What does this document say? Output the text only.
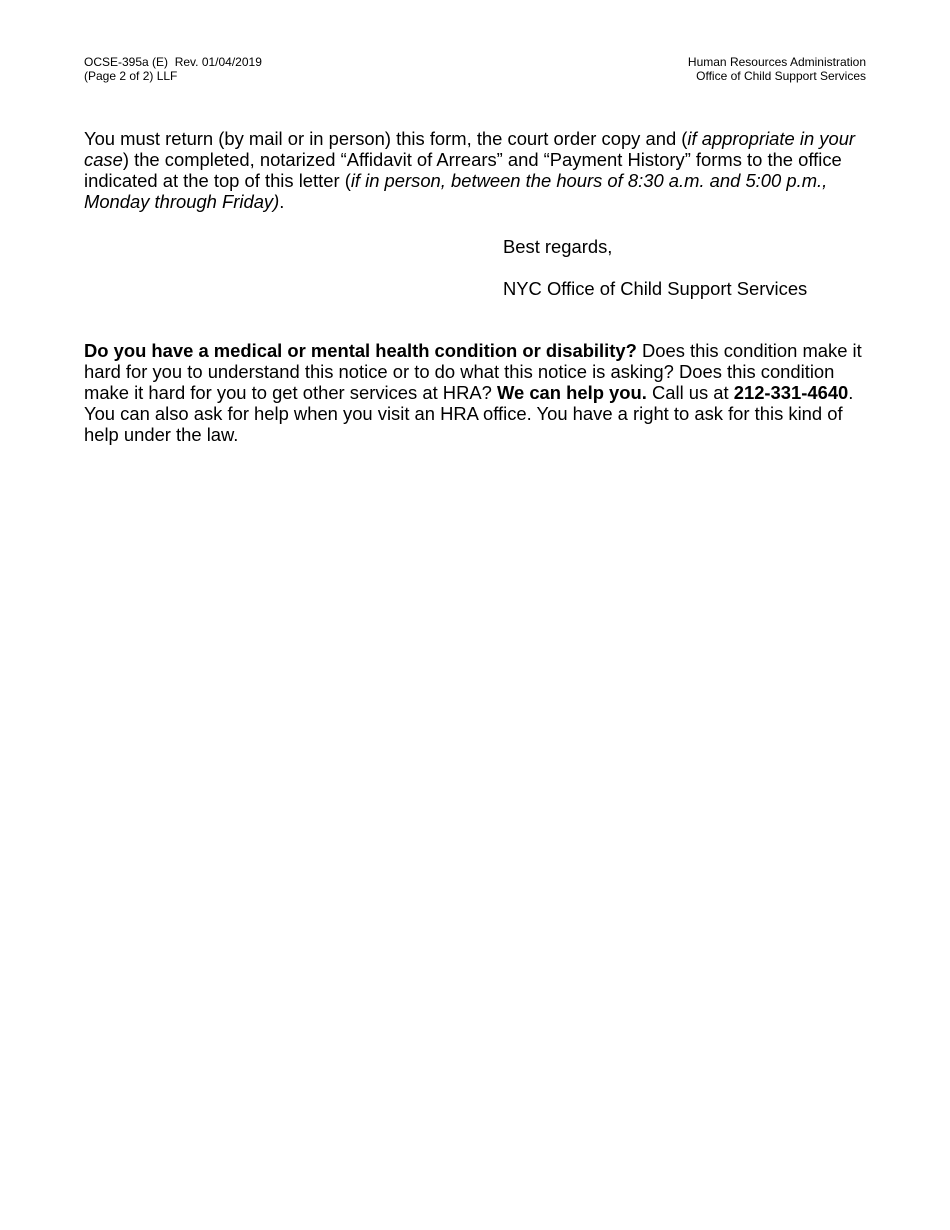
OCSE-395a (E)  Rev. 01/04/2019
(Page 2 of 2) LLF
Human Resources Administration
Office of Child Support Services
You must return (by mail or in person) this form, the court order copy and (if appropriate in your case) the completed, notarized “Affidavit of Arrears” and “Payment History” forms to the office indicated at the top of this letter (if in person, between the hours of 8:30 a.m. and 5:00 p.m., Monday through Friday).
Best regards,
NYC Office of Child Support Services
Do you have a medical or mental health condition or disability? Does this condition make it hard for you to understand this notice or to do what this notice is asking? Does this condition make it hard for you to get other services at HRA? We can help you. Call us at 212-331-4640. You can also ask for help when you visit an HRA office. You have a right to ask for this kind of help under the law.
